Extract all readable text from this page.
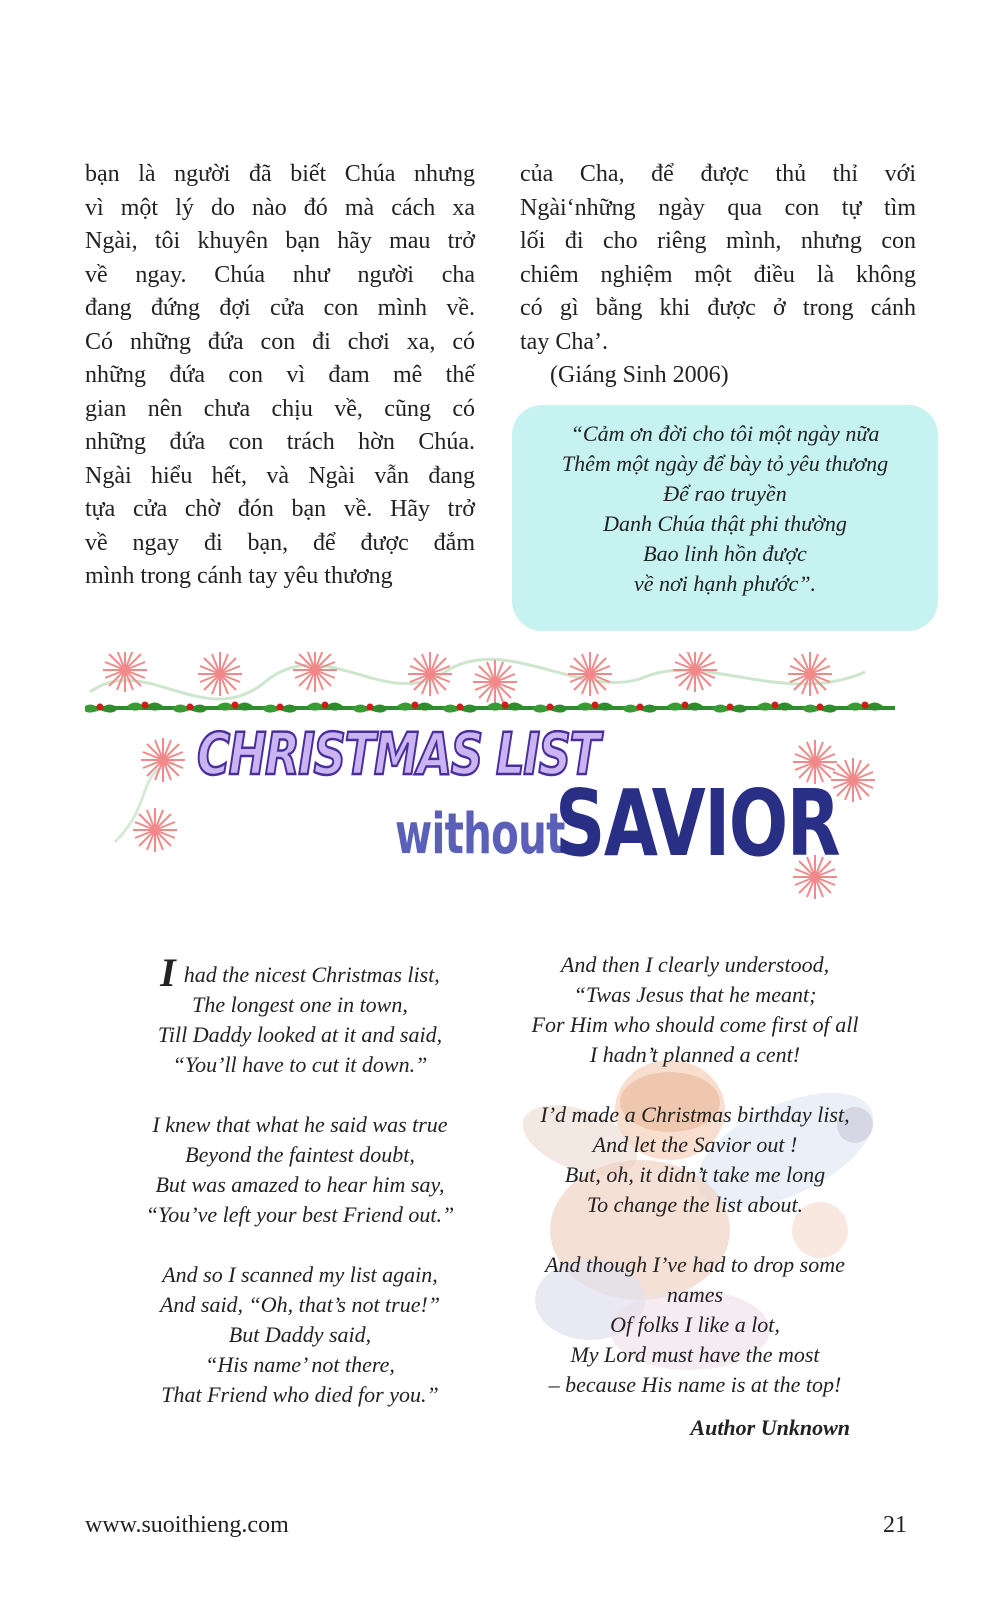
bạn là người đã biết Chúa nhưng
vì một lý do nào đó mà cách xa
Ngài, tôi khuyên bạn hãy mau trở
về ngay. Chúa như người cha
đang đứng đợi cửa con mình về.
Có những đứa con đi chơi xa, có
những đứa con vì đam mê thế
gian nên chưa chịu về, cũng có
những đứa con trách hờn Chúa.
Ngài hiểu hết, và Ngài vẫn đang
tựa cửa chờ đón bạn về. Hãy trở
về ngay đi bạn, để được đắm
mình trong cánh tay yêu thương
của Cha, để được thủ thỉ với
Ngài‘những ngày qua con tự tìm
lối đi cho riêng mình, nhưng con
chiêm nghiệm một điều là không
có gì bằng khi được ở trong cánh
tay Cha’.
(Giáng Sinh 2006)
“Cảm ơn đời cho tôi một ngày nữa
Thêm một ngày để bày tỏ yêu thương
Để rao truyền
Danh Chúa thật phi thường
Bao linh hồn được
về nơi hạnh phước”.
CHRISTMAS LIST
without
SAVIOR
Ihad the nicest Christmas list,
The longest one in town,
Till Daddy looked at it and said,
“You’ll have to cut it down.”
I knew that what he said was true
Beyond the faintest doubt,
But was amazed to hear him say,
“You’ve left your best Friend out.”
And so I scanned my list again,
And said, “Oh, that’s not true!”
But Daddy said,
“His name’ not there,
That Friend who died for you.”
And then I clearly understood,
“Twas Jesus that he meant;
For Him who should come first of all
I hadn’t planned a cent!
I’d made a Christmas birthday list,
And let the Savior out !
But, oh, it didn’t take me long
To change the list about.
And though I’ve had to drop some
names
Of folks I like a lot,
My Lord must have the most
– because His name is at the top!
Author Unknown
www.suoithieng.com	21
